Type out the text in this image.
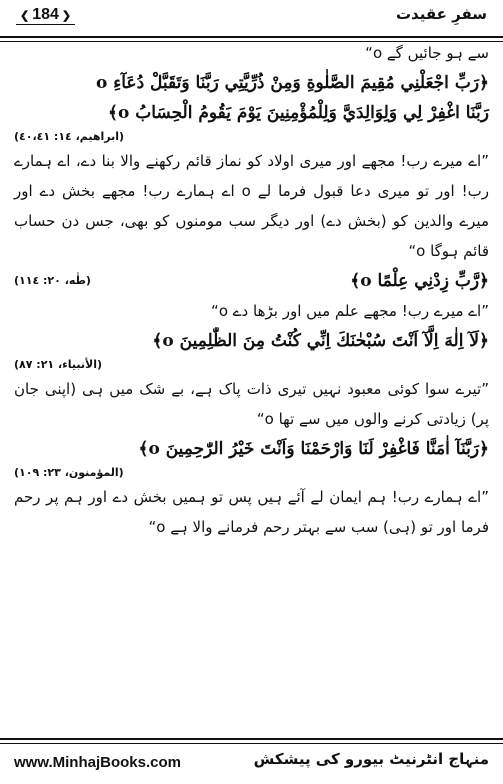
❮ 184 ❯	سفرِ عقیدت

سے ہو جائیں گے o“

﴿رَبِّ اجْعَلْنِي مُقِيمَ الصَّلٰوةِ وَمِنْ ذُرِّيَّتِي رَبَّنَا وَتَقَبَّلْ دُعَآءِ o

رَبَّنَا اغْفِرْ لِي وَلِوَالِدَيَّ وَلِلْمُؤْمِنِينَ يَوْمَ يَقُومُ الْحِسَابُ o﴾

(ابراهيم، ١٤: ٤٠،٤١)

”اے میرے رب! مجھے اور میری اولاد کو نماز قائم رکھنے والا بنا دے، اے ہمارے رب! اور تو میری دعا قبول فرما لے o اے ہمارے رب! مجھے بخش دے اور میرے والدین کو (بخش دے) اور دیگر سب مومنوں کو بھی، جس دن حساب قائم ہوگا o“

﴿رَّبِّ زِدْنِي عِلْمًا o﴾

(طٰه، ٢٠: ١١٤)

”اے میرے رب! مجھے علم میں اور بڑھا دے o“

﴿لَآ اِلٰهَ اِلَّآ اَنْتَ سُبْحٰنَكَ اِنِّي كُنْتُ مِنَ الظّٰلِمِينَ o﴾

(الأنبياء، ٢١: ٨٧)

”تیرے سوا کوئی معبود نہیں تیری ذات پاک ہے، بے شک میں ہی (اپنی جان پر) زیادتی کرنے والوں میں سے تھا o“

﴿رَبَّنَآ اٰمَنَّا فَاغْفِرْ لَنَا وَارْحَمْنَا وَاَنْتَ خَيْرُ الرّٰحِمِينَ o﴾

(المؤمنون، ٢٣: ١٠٩)

”اے ہمارے رب! ہم ایمان لے آئے ہیں پس تو ہمیں بخش دے اور ہم پر رحم فرما اور تو (ہی) سب سے بہتر رحم فرمانے والا ہے o“

www.MinhajBooks.com	منہاج انٹرنیٹ بیورو کی پیشکش
